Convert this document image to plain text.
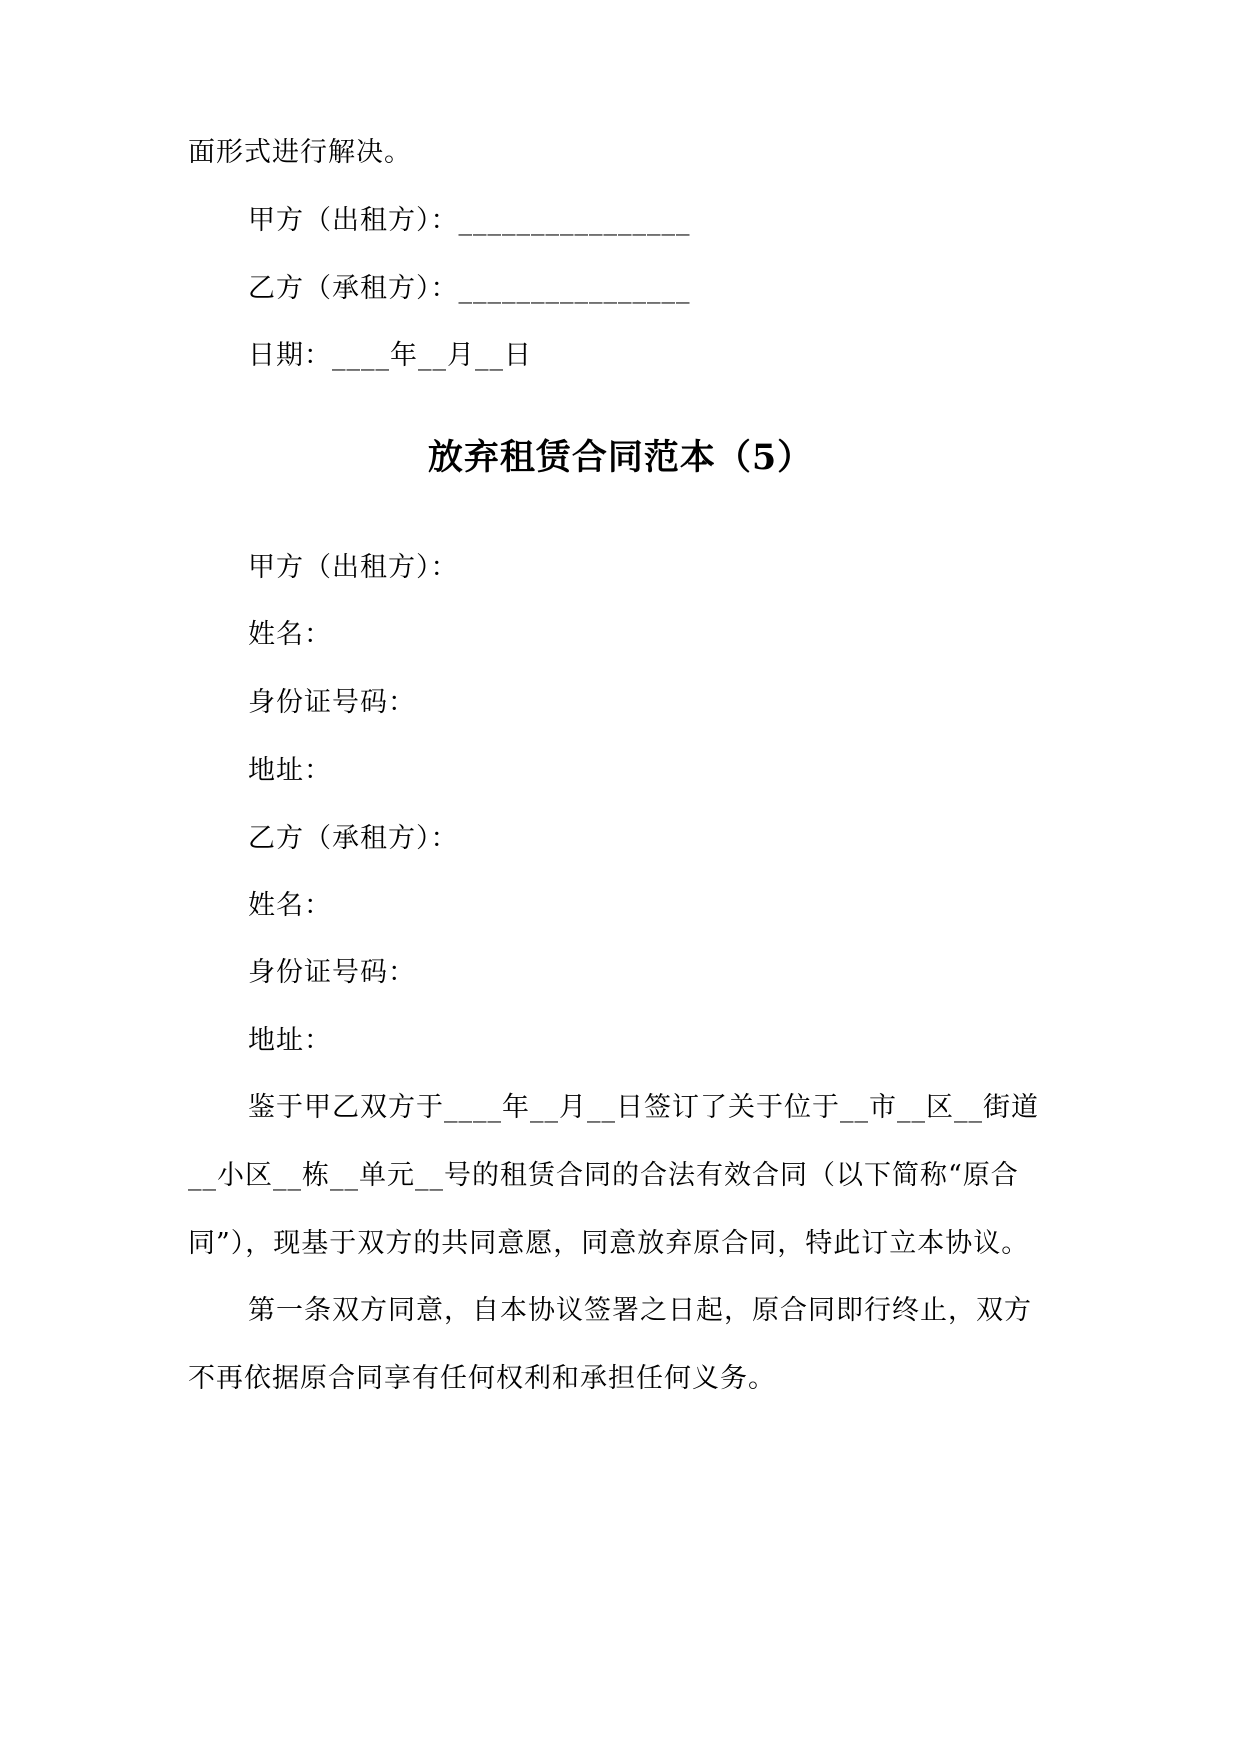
面形式进行解决。
甲方（出租方）：________________
乙方（承租方）：________________
日期：____年__月__日
放弃租赁合同范本（5）
甲方（出租方）：
姓名：
身份证号码：
地址：
乙方（承租方）：
姓名：
身份证号码：
地址：
鉴于甲乙双方于____年__月__日签订了关于位于__市__区__街道
__小区__栋__单元__号的租赁合同的合法有效合同（以下简称“原合
同”），现基于双方的共同意愿，同意放弃原合同，特此订立本协议。
第一条双方同意，自本协议签署之日起，原合同即行终止，双方
不再依据原合同享有任何权利和承担任何义务。
